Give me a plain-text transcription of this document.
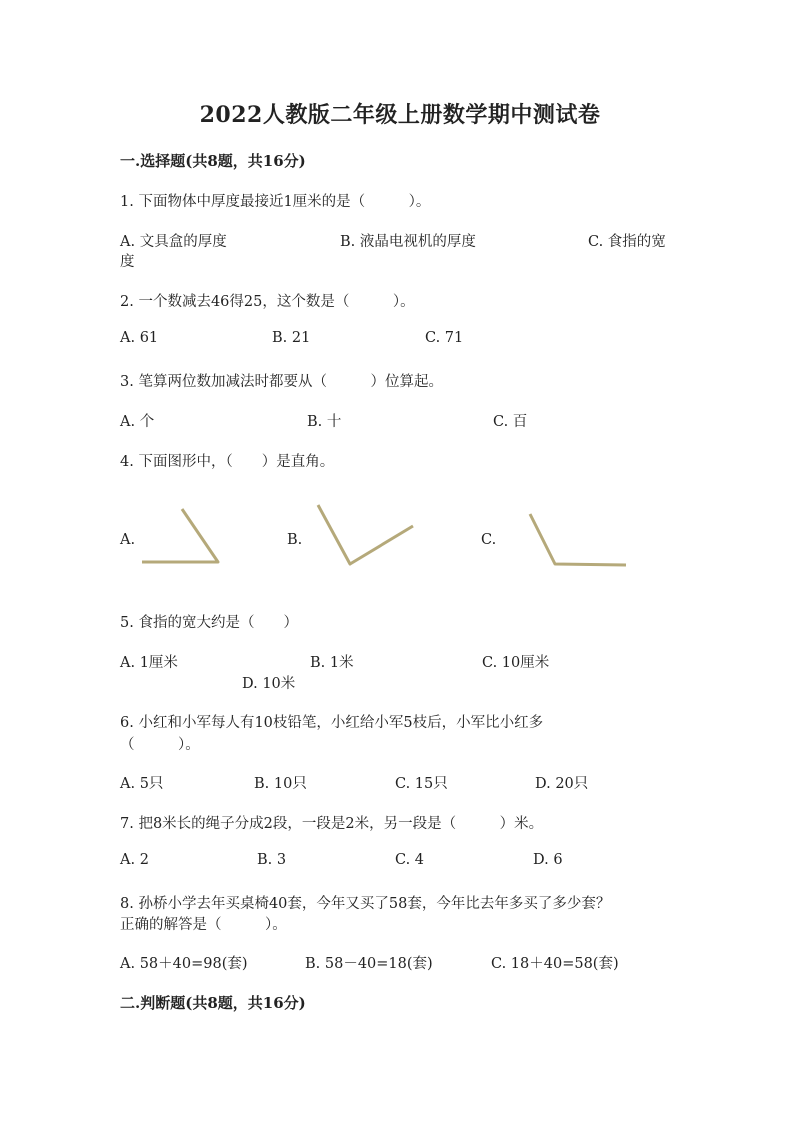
2022人教版二年级上册数学期中测试卷
一.选择题(共8题，共16分)
1. 下面物体中厚度最接近1厘米的是（　　　）。
A. 文具盒的厚度	B. 液晶电视机的厚度	C. 食指的宽
度
2. 一个数减去46得25，这个数是（　　　）。
A. 61	B. 21	C. 71
3. 笔算两位数加减法时都要从（　　　）位算起。
A. 个	B. 十	C. 百
4. 下面图形中，（　　）是直角。
A.	B.	C.
5. 食指的宽大约是（　　）
A. 1厘米	B. 1米	C. 10厘米
D. 10米
6. 小红和小军每人有10枝铅笔，小红给小军5枝后，小军比小红多
（　　　）。
A. 5只	B. 10只	C. 15只	D. 20只
7. 把8米长的绳子分成2段，一段是2米，另一段是（　　　）米。
A. 2	B. 3	C. 4	D. 6
8. 孙桥小学去年买桌椅40套，今年又买了58套，今年比去年多买了多少套？
正确的解答是（　　　）。
A. 58＋40=98(套)	B. 58－40=18(套)	C. 18＋40=58(套)
二.判断题(共8题，共16分)
